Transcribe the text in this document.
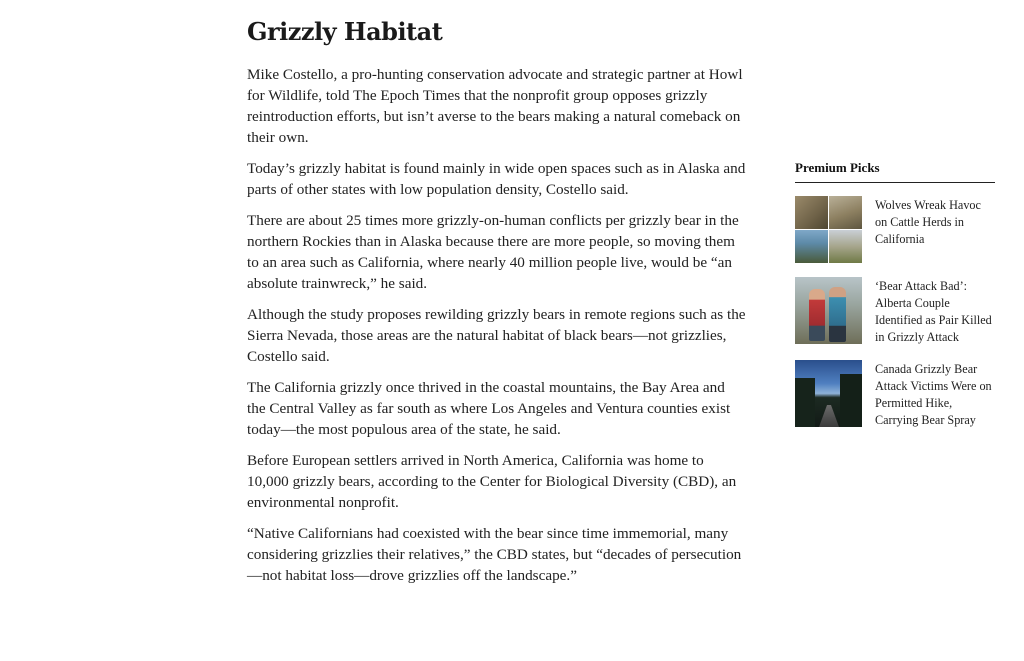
Grizzly Habitat

Mike Costello, a pro-hunting conservation advocate and strategic partner at Howl for Wildlife, told The Epoch Times that the nonprofit group opposes grizzly reintroduction efforts, but isn’t averse to the bears making a natural comeback on their own.

Today’s grizzly habitat is found mainly in wide open spaces such as in Alaska and parts of other states with low population density, Costello said.

There are about 25 times more grizzly-on-human conflicts per grizzly bear in the northern Rockies than in Alaska because there are more people, so moving them to an area such as California, where nearly 40 million people live, would be “an absolute trainwreck,” he said.

Although the study proposes rewilding grizzly bears in remote regions such as the Sierra Nevada, those areas are the natural habitat of black bears—not grizzlies, Costello said.

The California grizzly once thrived in the coastal mountains, the Bay Area and the Central Valley as far south as where Los Angeles and Ventura counties exist today—the most populous area of the state, he said.

Before European settlers arrived in North America, California was home to 10,000 grizzly bears, according to the Center for Biological Diversity (CBD), an environmental nonprofit.

“Native Californians had coexisted with the bear since time immemorial, many considering grizzlies their relatives,” the CBD states, but “decades of persecution—not habitat loss—drove grizzlies off the landscape.”

Premium Picks
Wolves Wreak Havoc on Cattle Herds in California
‘Bear Attack Bad’: Alberta Couple Identified as Pair Killed in Grizzly Attack
Canada Grizzly Bear Attack Victims Were on Permitted Hike, Carrying Bear Spray
